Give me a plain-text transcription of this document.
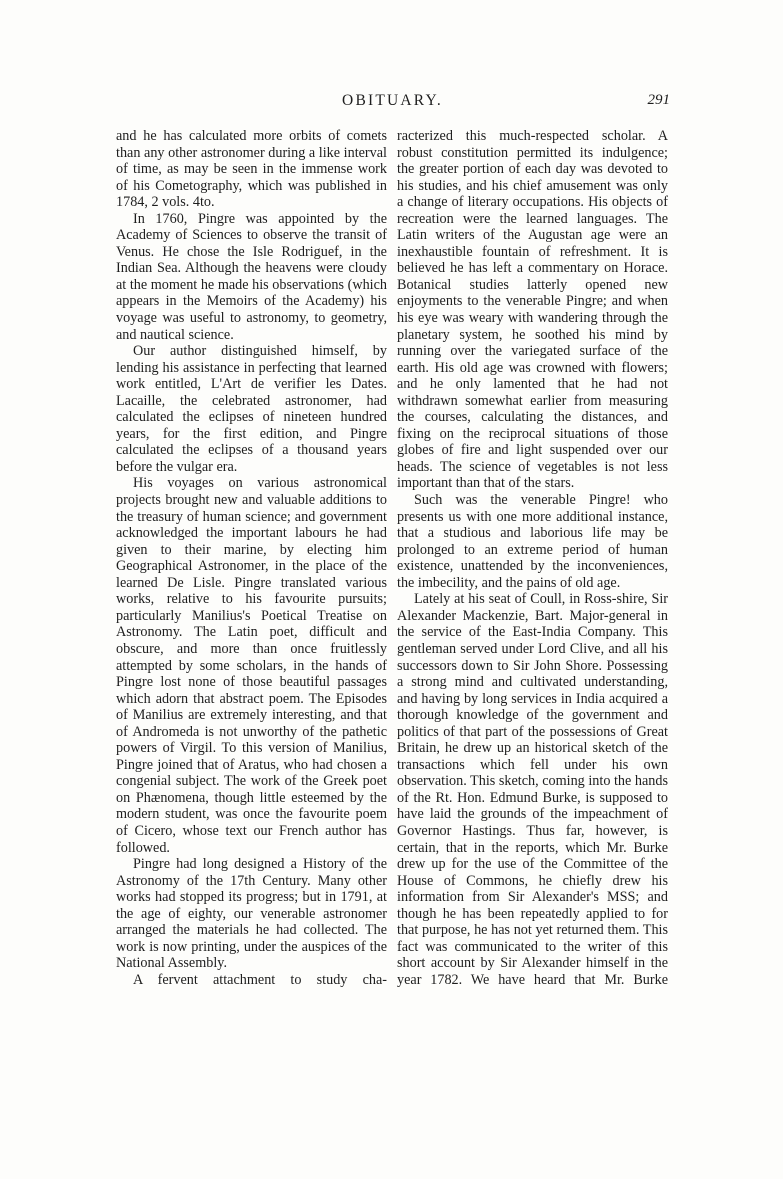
OBITUARY.	291

and he has calculated more orbits of comets than any other astronomer during a like interval of time, as may be seen in the immense work of his Cometography, which was published in 1784, 2 vols. 4to.

In 1760, Pingre was appointed by the Academy of Sciences to observe the transit of Venus. He chose the Isle Rodriguef, in the Indian Sea. Although the heavens were cloudy at the moment he made his observations (which appears in the Memoirs of the Academy) his voyage was useful to astronomy, to geometry, and nautical science.

Our author distinguished himself, by lending his assistance in perfecting that learned work entitled, L'Art de verifier les Dates. Lacaille, the celebrated astronomer, had calculated the eclipses of nineteen hundred years, for the first edition, and Pingre calculated the eclipses of a thousand years before the vulgar era.

His voyages on various astronomical projects brought new and valuable additions to the treasury of human science; and government acknowledged the important labours he had given to their marine, by electing him Geographical Astronomer, in the place of the learned De Lisle. Pingre translated various works, relative to his favourite pursuits; particularly Manilius's Poetical Treatise on Astronomy. The Latin poet, difficult and obscure, and more than once fruitlessly attempted by some scholars, in the hands of Pingre lost none of those beautiful passages which adorn that abstract poem. The Episodes of Manilius are extremely interesting, and that of Andromeda is not unworthy of the pathetic powers of Virgil. To this version of Manilius, Pingre joined that of Aratus, who had chosen a congenial subject. The work of the Greek poet on Phænomena, though little esteemed by the modern student, was once the favourite poem of Cicero, whose text our French author has followed.

Pingre had long designed a History of the Astronomy of the 17th Century. Many other works had stopped its progress; but in 1791, at the age of eighty, our venerable astronomer arranged the materials he had collected. The work is now printing, under the auspices of the National Assembly.

A fervent attachment to study cha-

racterized this much-respected scholar. A robust constitution permitted its indulgence; the greater portion of each day was devoted to his studies, and his chief amusement was only a change of literary occupations. His objects of recreation were the learned languages. The Latin writers of the Augustan age were an inexhaustible fountain of refreshment. It is believed he has left a commentary on Horace. Botanical studies latterly opened new enjoyments to the venerable Pingre; and when his eye was weary with wandering through the planetary system, he soothed his mind by running over the variegated surface of the earth. His old age was crowned with flowers; and he only lamented that he had not withdrawn somewhat earlier from measuring the courses, calculating the distances, and fixing on the reciprocal situations of those globes of fire and light suspended over our heads. The science of vegetables is not less important than that of the stars.

Such was the venerable Pingre! who presents us with one more additional instance, that a studious and laborious life may be prolonged to an extreme period of human existence, unattended by the inconveniences, the imbecility, and the pains of old age.

Lately at his seat of Coull, in Ross-shire, Sir Alexander Mackenzie, Bart. Major-general in the service of the East-India Company. This gentleman served under Lord Clive, and all his successors down to Sir John Shore. Possessing a strong mind and cultivated understanding, and having by long services in India acquired a thorough knowledge of the government and politics of that part of the possessions of Great Britain, he drew up an historical sketch of the transactions which fell under his own observation. This sketch, coming into the hands of the Rt. Hon. Edmund Burke, is supposed to have laid the grounds of the impeachment of Governor Hastings. Thus far, however, is certain, that in the reports, which Mr. Burke drew up for the use of the Committee of the House of Commons, he chiefly drew his information from Sir Alexander's MSS; and though he has been repeatedly applied to for that purpose, he has not yet returned them. This fact was communicated to the writer of this short account by Sir Alexander himself in the year 1782. We have heard that Mr. Burke
